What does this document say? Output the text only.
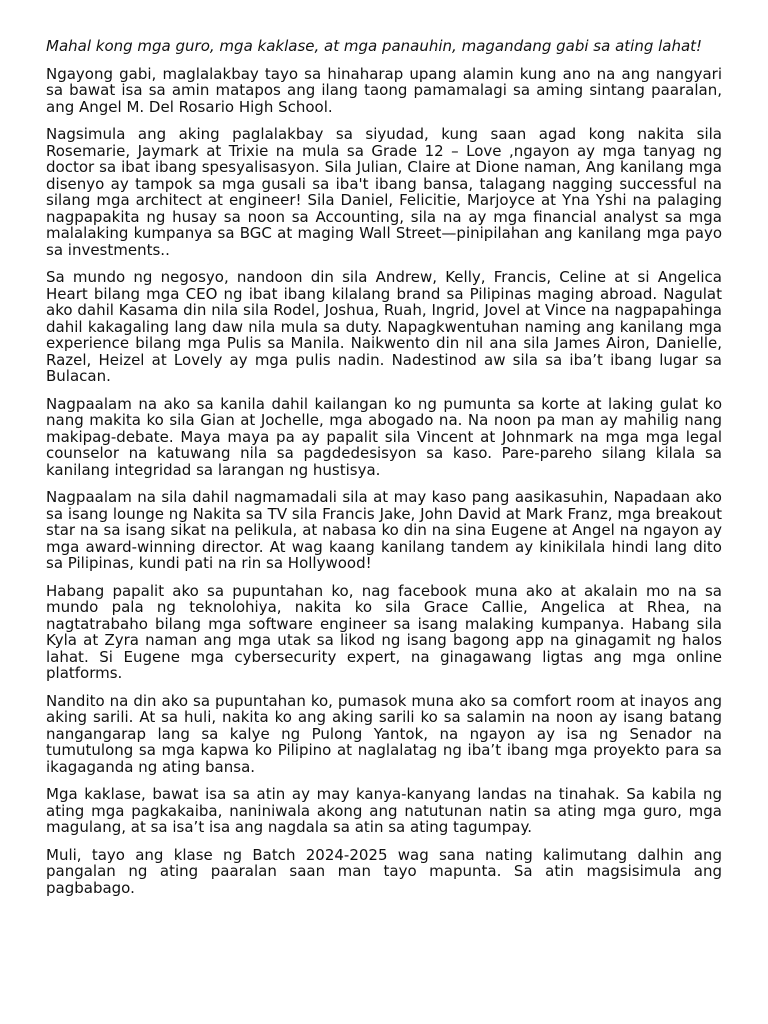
Mahal kong mga guro, mga kaklase, at mga panauhin, magandang gabi sa ating lahat!

Ngayong gabi, maglalakbay tayo sa hinaharap upang alamin kung ano na ang nangyari sa bawat isa sa amin matapos ang ilang taong pamamalagi sa aming sintang paaralan, ang Angel M. Del Rosario High School.

Nagsimula ang aking paglalakbay sa siyudad, kung saan agad kong nakita sila Rosemarie, Jaymark at Trixie na mula sa Grade 12 – Love ,ngayon ay mga tanyag ng doctor sa ibat ibang spesyalisasyon. Sila Julian, Claire at Dione naman, Ang kanilang mga disenyo ay tampok sa mga gusali sa iba't ibang bansa, talagang nagging successful na silang mga architect at engineer! Sila Daniel, Felicitie, Marjoyce at Yna Yshi na palaging nagpapakita ng husay sa noon sa Accounting, sila na ay mga financial analyst sa mga malalaking kumpanya sa BGC at maging Wall Street—pinipilahan ang kanilang mga payo sa investments..

Sa mundo ng negosyo, nandoon din sila Andrew, Kelly, Francis, Celine at si Angelica Heart bilang mga CEO ng ibat ibang kilalang brand sa Pilipinas maging abroad. Nagulat ako dahil Kasama din nila sila Rodel, Joshua, Ruah, Ingrid, Jovel at Vince na nagpapahinga dahil kakagaling lang daw nila mula sa duty. Napagkwentuhan naming ang kanilang mga experience bilang mga Pulis sa Manila. Naikwento din nil ana sila James Airon, Danielle, Razel, Heizel at Lovely ay mga pulis nadin. Nadestinod aw sila sa iba’t ibang lugar sa Bulacan.

Nagpaalam na ako sa kanila dahil kailangan ko ng pumunta sa korte at laking gulat ko nang makita ko sila Gian at Jochelle, mga abogado na. Na noon pa man ay mahilig nang makipag-debate. Maya maya pa ay papalit sila Vincent at Johnmark na mga mga legal counselor na katuwang nila sa pagdedesisyon sa kaso. Pare-pareho silang kilala sa kanilang integridad sa larangan ng hustisya.

Nagpaalam na sila dahil nagmamadali sila at may kaso pang aasikasuhin, Napadaan ako sa isang lounge ng Nakita sa TV sila Francis Jake, John David at Mark Franz, mga breakout star na sa isang sikat na pelikula, at nabasa ko din na sina Eugene at Angel na ngayon ay mga award-winning director. At wag kaang kanilang tandem ay kinikilala hindi lang dito sa Pilipinas, kundi pati na rin sa Hollywood!

Habang papalit ako sa pupuntahan ko, nag facebook muna ako at akalain mo na sa mundo pala ng teknolohiya, nakita ko sila Grace Callie, Angelica at Rhea, na nagtatrabaho bilang mga software engineer sa isang malaking kumpanya. Habang sila Kyla at Zyra naman ang mga utak sa likod ng isang bagong app na ginagamit ng halos lahat. Si Eugene mga cybersecurity expert, na ginagawang ligtas ang mga online platforms.

Nandito na din ako sa pupuntahan ko, pumasok muna ako sa comfort room at inayos ang aking sarili. At sa huli, nakita ko ang aking sarili ko sa salamin na noon ay isang batang nangangarap lang sa kalye ng Pulong Yantok, na ngayon ay isa ng Senador na tumutulong sa mga kapwa ko Pilipino at naglalatag ng iba’t ibang mga proyekto para sa ikagaganda ng ating bansa.

Mga kaklase, bawat isa sa atin ay may kanya-kanyang landas na tinahak. Sa kabila ng ating mga pagkakaiba, naniniwala akong ang natutunan natin sa ating mga guro, mga magulang, at sa isa’t isa ang nagdala sa atin sa ating tagumpay.

Muli, tayo ang klase ng Batch 2024-2025 wag sana nating kalimutang dalhin ang pangalan ng ating paaralan saan man tayo mapunta. Sa atin magsisimula ang pagbabago.
